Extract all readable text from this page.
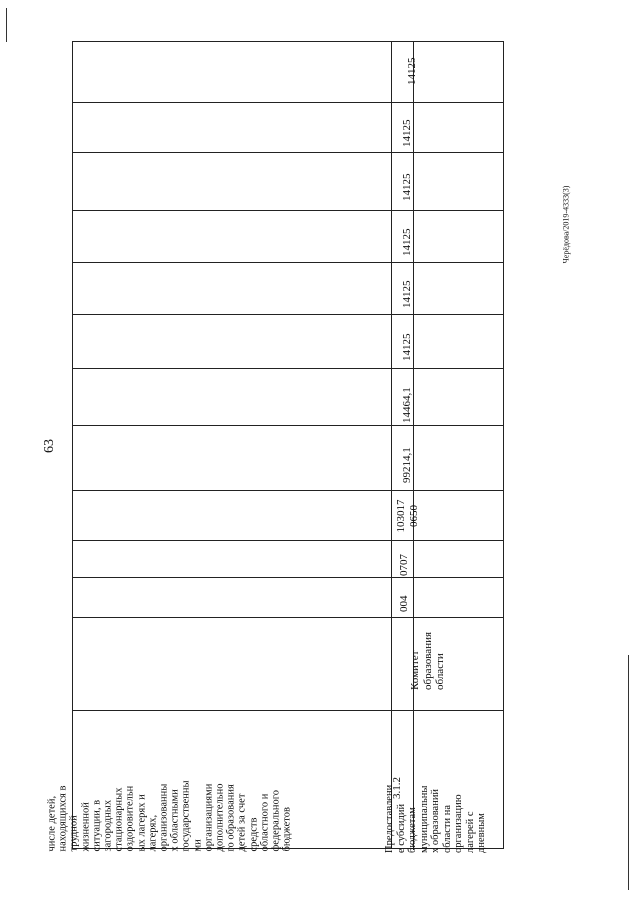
63
Черёдова/2019-4333(3)
числе детей,
находящихся в
трудной
жизненной
ситуации, в
загородных
стационарных
оздоровительн
ых лагерях и
лагерях,
организованны
х областными
государственны
ми
организациями
дополнительно
го образования
детей за счет
средств
областного и
федерального
бюджетов
14125
3.1.2
Предоставлени
е субсидий
бюджетам
муниципальны
х образований
области на
организацию
лагерей с
дневным
Комитет
образования
области
004
0707
103017
0650
99214,1
14464,1
14125
14125
14125
14125
14125
